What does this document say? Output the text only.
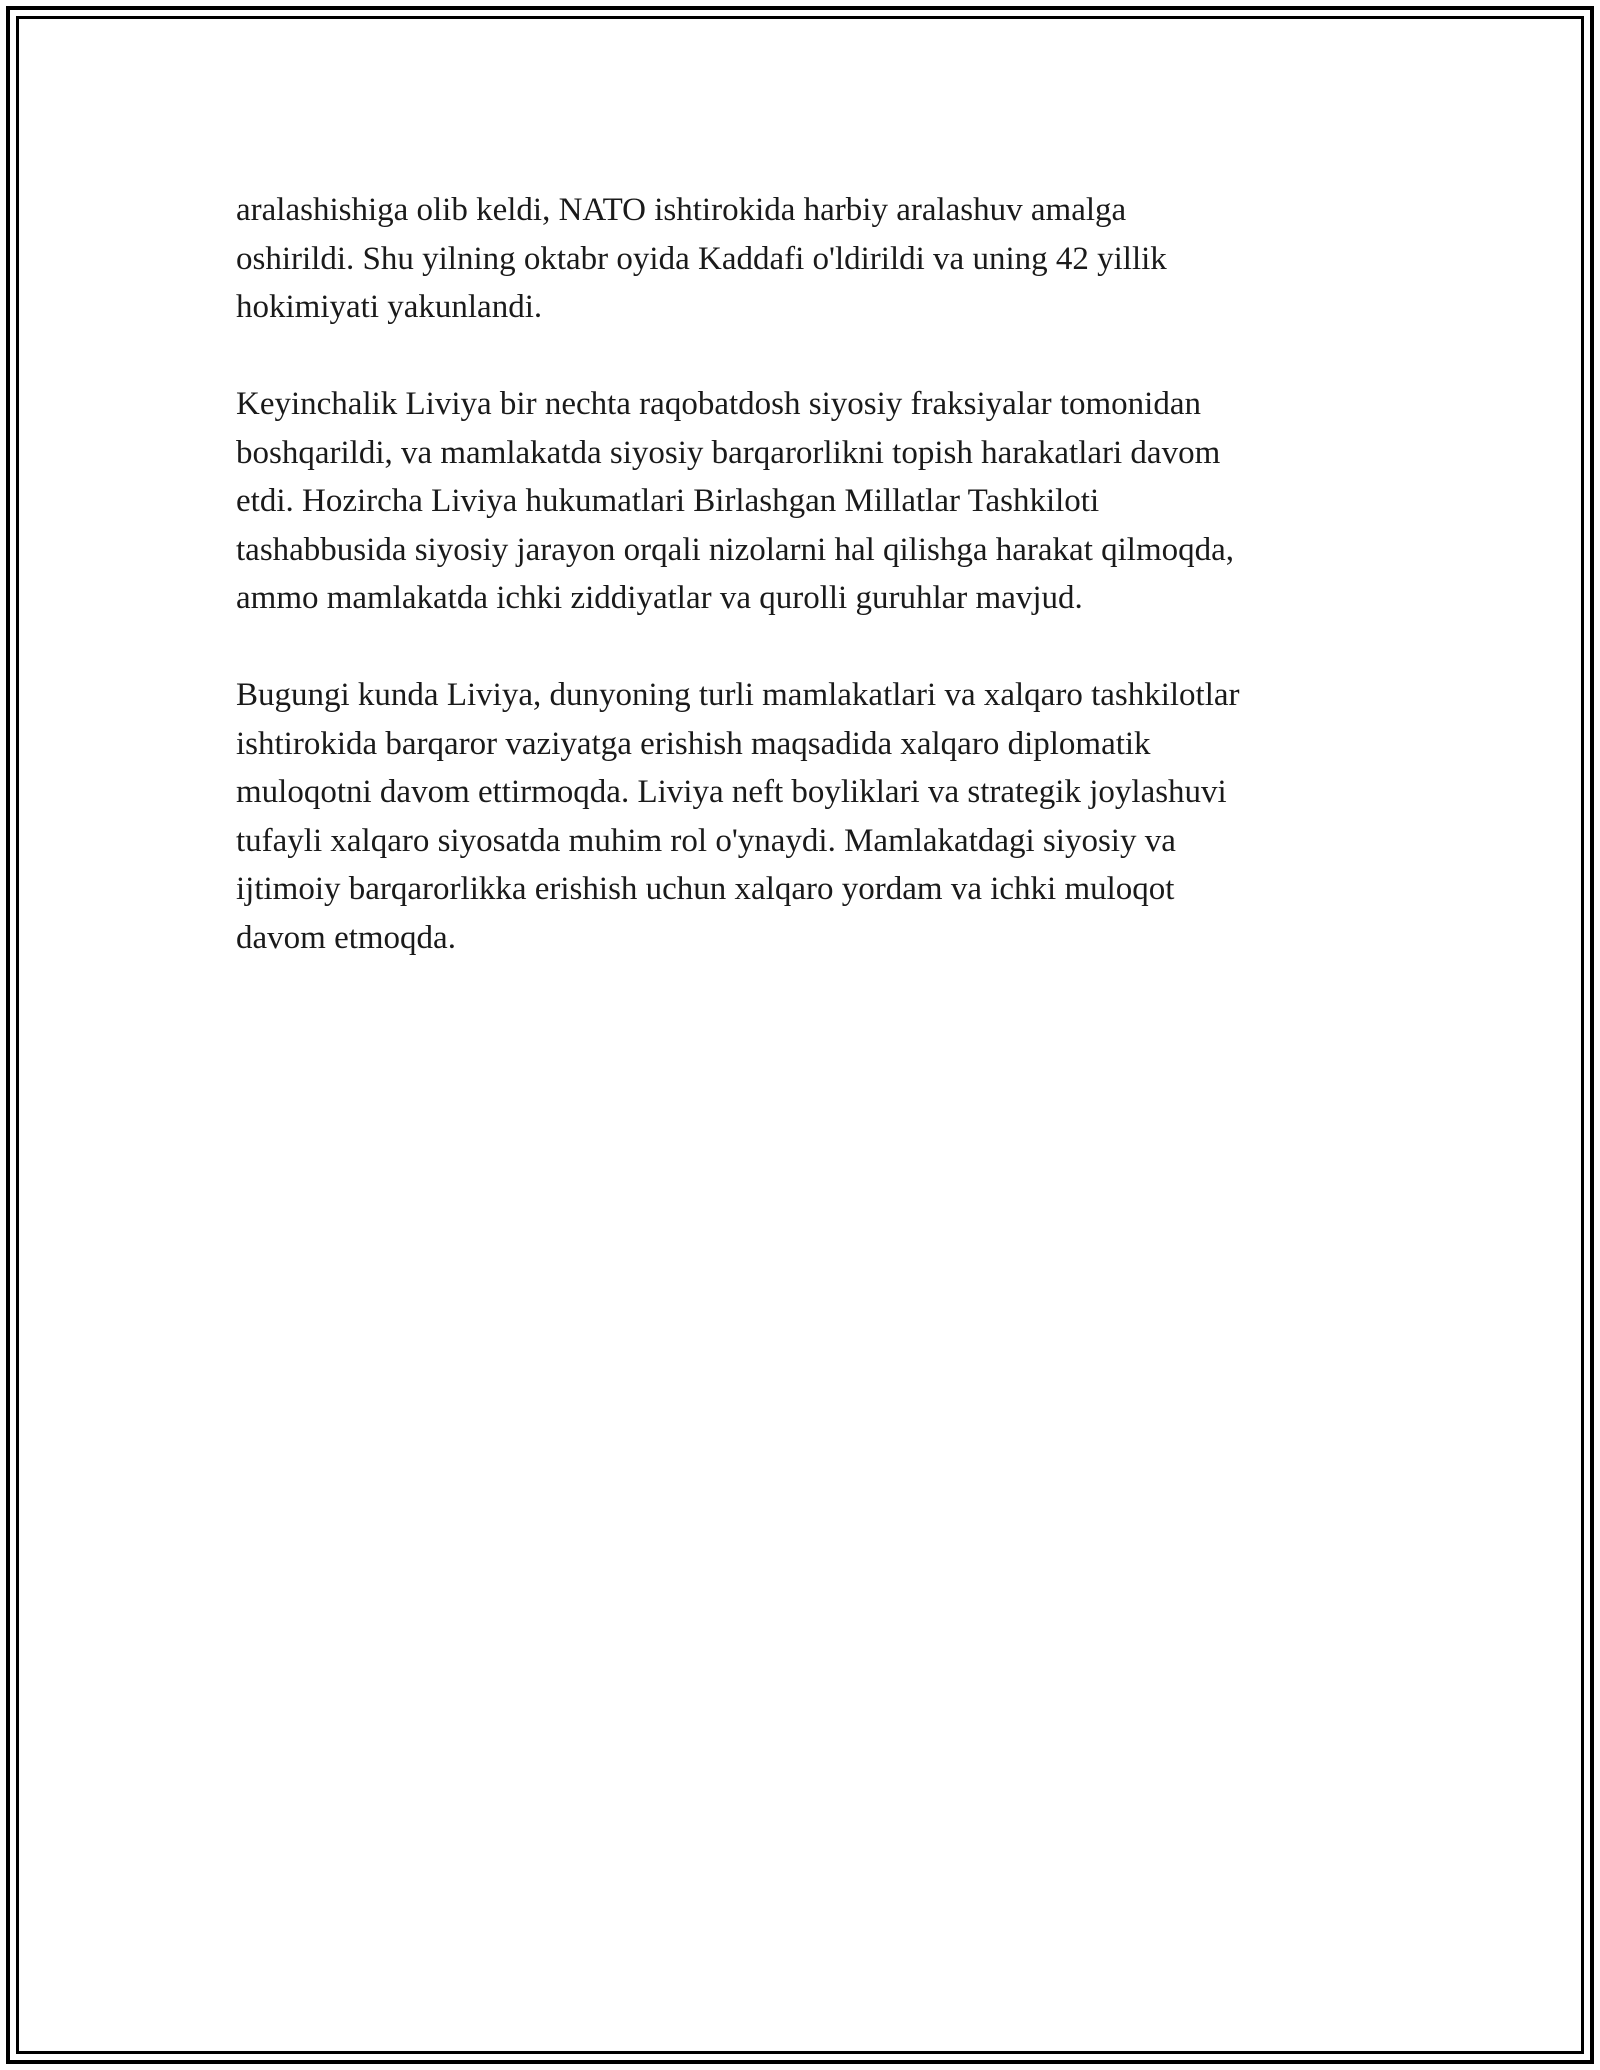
aralashishiga olib keldi, NATO ishtirokida harbiy aralashuv amalga
oshirildi. Shu yilning oktabr oyida Kaddafi o'ldirildi va uning 42 yillik
hokimiyati yakunlandi.

Keyinchalik Liviya bir nechta raqobatdosh siyosiy fraksiyalar tomonidan
boshqarildi, va mamlakatda siyosiy barqarorlikni topish harakatlari davom
etdi. Hozircha Liviya hukumatlari Birlashgan Millatlar Tashkiloti
tashabbusida siyosiy jarayon orqali nizolarni hal qilishga harakat qilmoqda,
ammo mamlakatda ichki ziddiyatlar va qurolli guruhlar mavjud.

Bugungi kunda Liviya, dunyoning turli mamlakatlari va xalqaro tashkilotlar
ishtirokida barqaror vaziyatga erishish maqsadida xalqaro diplomatik
muloqotni davom ettirmoqda. Liviya neft boyliklari va strategik joylashuvi
tufayli xalqaro siyosatda muhim rol o'ynaydi. Mamlakatdagi siyosiy va
ijtimoiy barqarorlikka erishish uchun xalqaro yordam va ichki muloqot
davom etmoqda.
